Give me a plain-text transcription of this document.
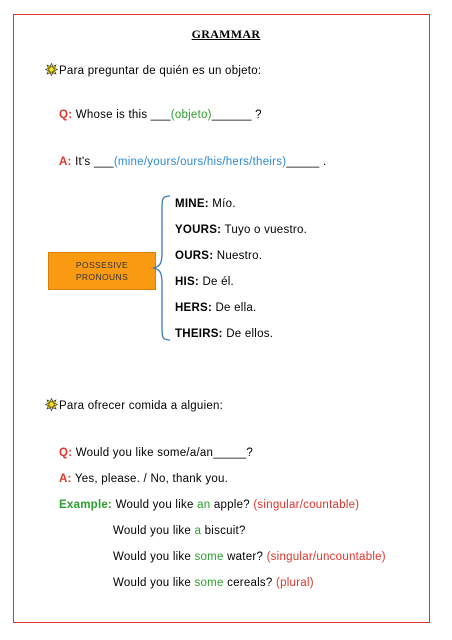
GRAMMAR
Para preguntar de quién es un objeto:
Q: Whose is this ___(objeto)______ ?
A: It's ___(mine/yours/ours/his/hers/theirs)_____ .
POSSESIVE
PRONOUNS
MINE: Mío.
YOURS: Tuyo o vuestro.
OURS: Nuestro.
HIS: De él.
HERS: De ella.
THEIRS: De ellos.
Para ofrecer comida a alguien:
Q: Would you like some/a/an_____?
A: Yes, please. / No, thank you.
Example: Would you like an apple? (singular/countable)
Would you like a biscuit?
Would you like some water? (singular/uncountable)
Would you like some cereals? (plural)
